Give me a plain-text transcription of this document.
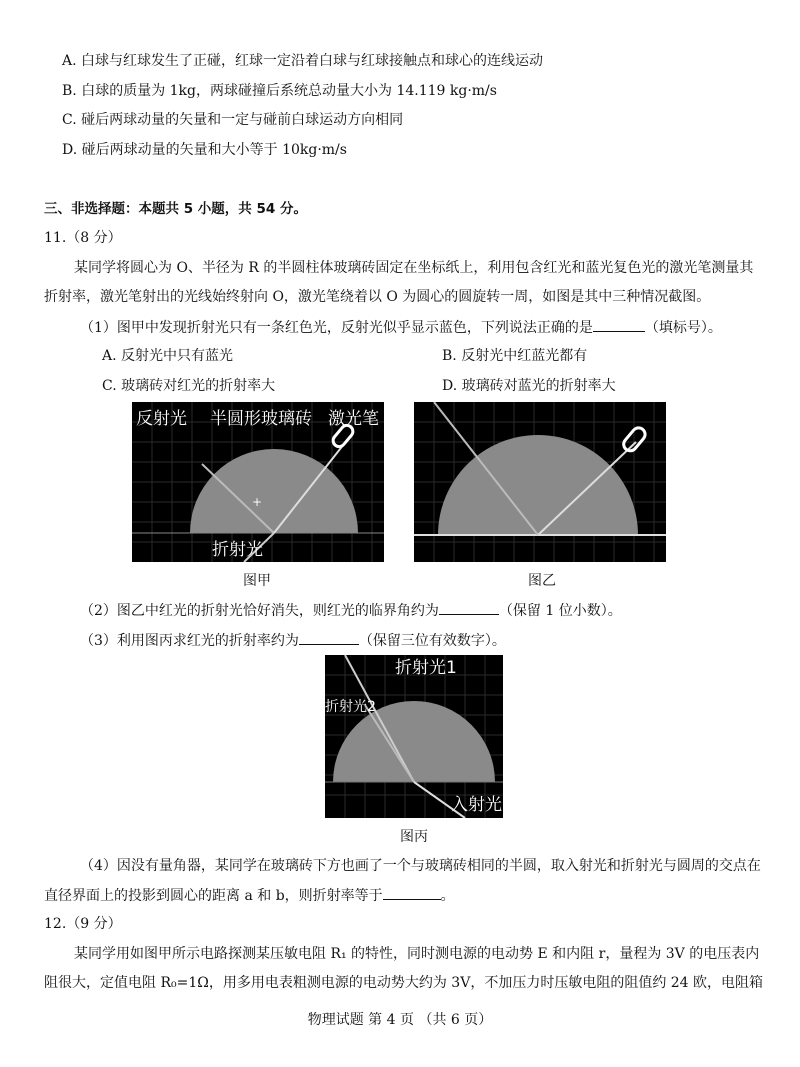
A. 白球与红球发生了正碰，红球一定沿着白球与红球接触点和球心的连线运动
B. 白球的质量为 1kg，两球碰撞后系统总动量大小为 14.119 kg·m/s
C. 碰后两球动量的矢量和一定与碰前白球运动方向相同
D. 碰后两球动量的矢量和大小等于 10kg·m/s
三、非选择题：本题共 5 小题，共 54 分。
11.（8 分）
某同学将圆心为 O、半径为 R 的半圆柱体玻璃砖固定在坐标纸上，利用包含红光和蓝光复色光的激光笔测量其
折射率，激光笔射出的光线始终射向 O，激光笔绕着以 O 为圆心的圆旋转一周，如图是其中三种情况截图。
（1）图甲中发现折射光只有一条红色光，反射光似乎显示蓝色，下列说法正确的是	（填标号）。
A. 反射光中只有蓝光	B. 反射光中红蓝光都有
C. 玻璃砖对红光的折射率大	D. 玻璃砖对蓝光的折射率大
+
反射光 半圆形玻璃砖 激光笔
折射光
图甲	图乙
（2）图乙中红光的折射光恰好消失，则红光的临界角约为	（保留 1 位小数）。
（3）利用图丙求红光的折射率约为	（保留三位有效数字）。
折射光1
折射光2
入射光
图丙
（4）因没有量角器，某同学在玻璃砖下方也画了一个与玻璃砖相同的半圆，取入射光和折射光与圆周的交点在
直径界面上的投影到圆心的距离 a 和 b，则折射率等于	。
12.（9 分）
某同学用如图甲所示电路探测某压敏电阻 R₁ 的特性，同时测电源的电动势 E 和内阻 r，量程为 3V 的电压表内
阻很大，定值电阻 R₀=1Ω，用多用电表粗测电源的电动势大约为 3V，不加压力时压敏电阻的阻值约 24 欧，电阻箱
物理试题 第 4 页 （共 6 页）
